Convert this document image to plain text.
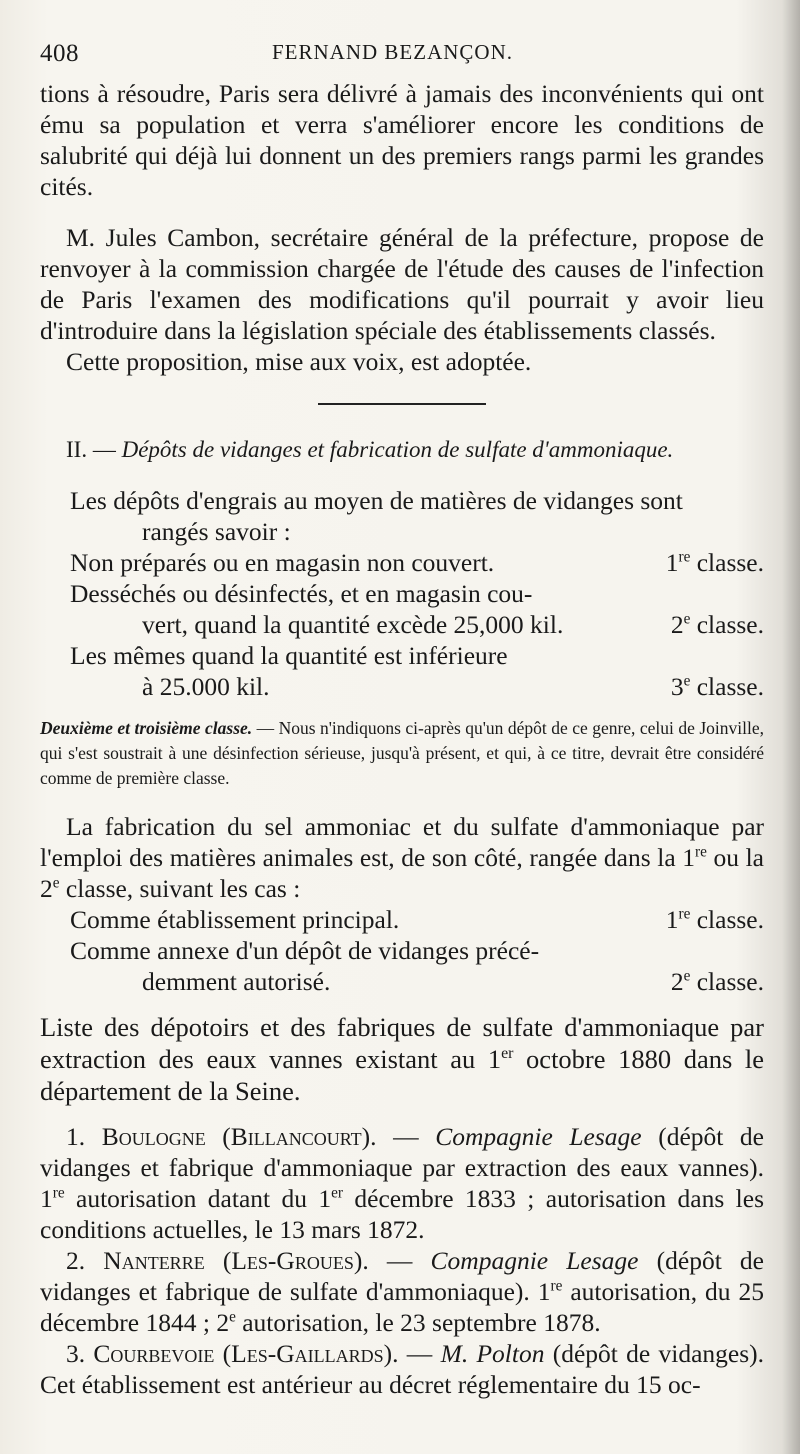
408	FERNAND BEZANÇON.

tions à résoudre, Paris sera délivré à jamais des inconvénients qui ont ému sa population et verra s'améliorer encore les conditions de salubrité qui déjà lui donnent un des premiers rangs parmi les grandes cités.

M. Jules Cambon, secrétaire général de la préfecture, propose de renvoyer à la commission chargée de l'étude des causes de l'infection de Paris l'examen des modifications qu'il pourrait y avoir lieu d'introduire dans la législation spéciale des établissements classés.

Cette proposition, mise aux voix, est adoptée.

II. — Dépôts de vidanges et fabrication de sulfate d'ammoniaque.

Les dépôts d'engrais au moyen de matières de vidanges sont

rangés savoir :

Non préparés ou en magasin non couvert.	1re classe.

Desséchés ou désinfectés, et en magasin cou-

vert, quand la quantité excède 25,000 kil.	2e classe.

Les mêmes quand la quantité est inférieure

à 25.000 kil.	3e classe.

Deuxième et troisième classe. — Nous n'indiquons ci-après qu'un dépôt de ce genre, celui de Joinville, qui s'est soustrait à une désinfection sérieuse, jusqu'à présent, et qui, à ce titre, devrait être considéré comme de première classe.

La fabrication du sel ammoniac et du sulfate d'ammoniaque par l'emploi des matières animales est, de son côté, rangée dans la 1re ou la 2e classe, suivant les cas :

Comme établissement principal.	1re classe.

Comme annexe d'un dépôt de vidanges précé-

demment autorisé.	2e classe.

Liste des dépotoirs et des fabriques de sulfate d'ammoniaque par extraction des eaux vannes existant au 1er octobre 1880 dans le département de la Seine.

1. Boulogne (Billancourt). — Compagnie Lesage (dépôt de vidanges et fabrique d'ammoniaque par extraction des eaux vannes). 1re autorisation datant du 1er décembre 1833 ; autorisation dans les conditions actuelles, le 13 mars 1872.

2. Nanterre (Les-Groues). — Compagnie Lesage (dépôt de vidanges et fabrique de sulfate d'ammoniaque). 1re autorisation, du 25 décembre 1844 ; 2e autorisation, le 23 septembre 1878.

3. Courbevoie (Les-Gaillards). — M. Polton (dépôt de vidanges). Cet établissement est antérieur au décret réglementaire du 15 oc-
